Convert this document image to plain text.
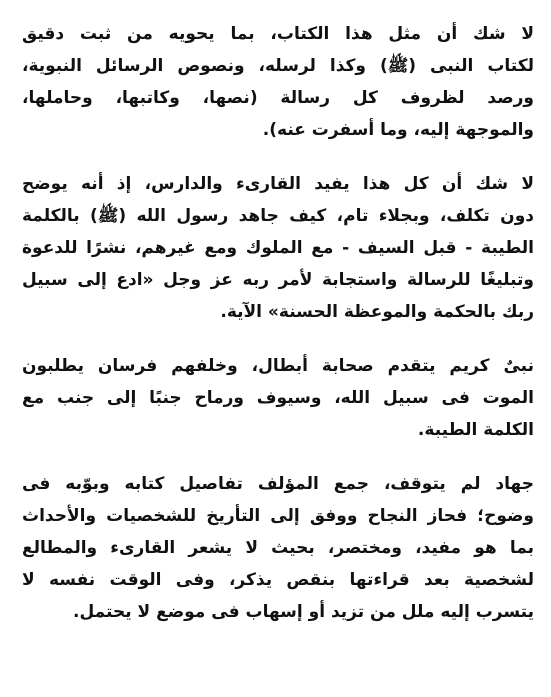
لا شك أن مثل هذا الكتاب، بما يحويه من ثبت دقيق
لكتاب النبى (ﷺ) وكذا لرسله، ونصوص الرسائل النبوية،
ورصد لظروف كل رسالة (نصها، وكاتبها، وحاملها،
والموجهة إليه، وما أسفرت عنه).

لا شك أن كل هذا يفيد القارىء والدارس، إذ أنه يوضح
دون تكلف، وبجلاء تام، كيف جاهد رسول الله (ﷺ) بالكلمة
الطيبة - قبل السيف - مع الملوك ومع غيرهم، نشرًا للدعوة
وتبليغًا للرسالة واستجابة لأمر ربه عز وجل «ادع إلى سبيل
ربك بالحكمة والموعظة الحسنة» الآية.

نبىٌ كريم يتقدم صحابة أبطال، وخلفهم فرسان يطلبون
الموت فى سبيل الله، وسيوف ورماح جنبًا إلى جنب مع
الكلمة الطيبة.

جهاد لم يتوقف، جمع المؤلف تفاصيل كتابه وبوّبه فى
وضوح؛ فحاز النجاح ووفق إلى التأريخ للشخصيات والأحداث
بما هو مفيد، ومختصر، بحيث لا يشعر القارىء والمطالع
لشخصية بعد قراءتها بنقص يذكر، وفى الوقت نفسه لا
يتسرب إليه ملل من تزيد أو إسهاب فى موضع لا يحتمل.
